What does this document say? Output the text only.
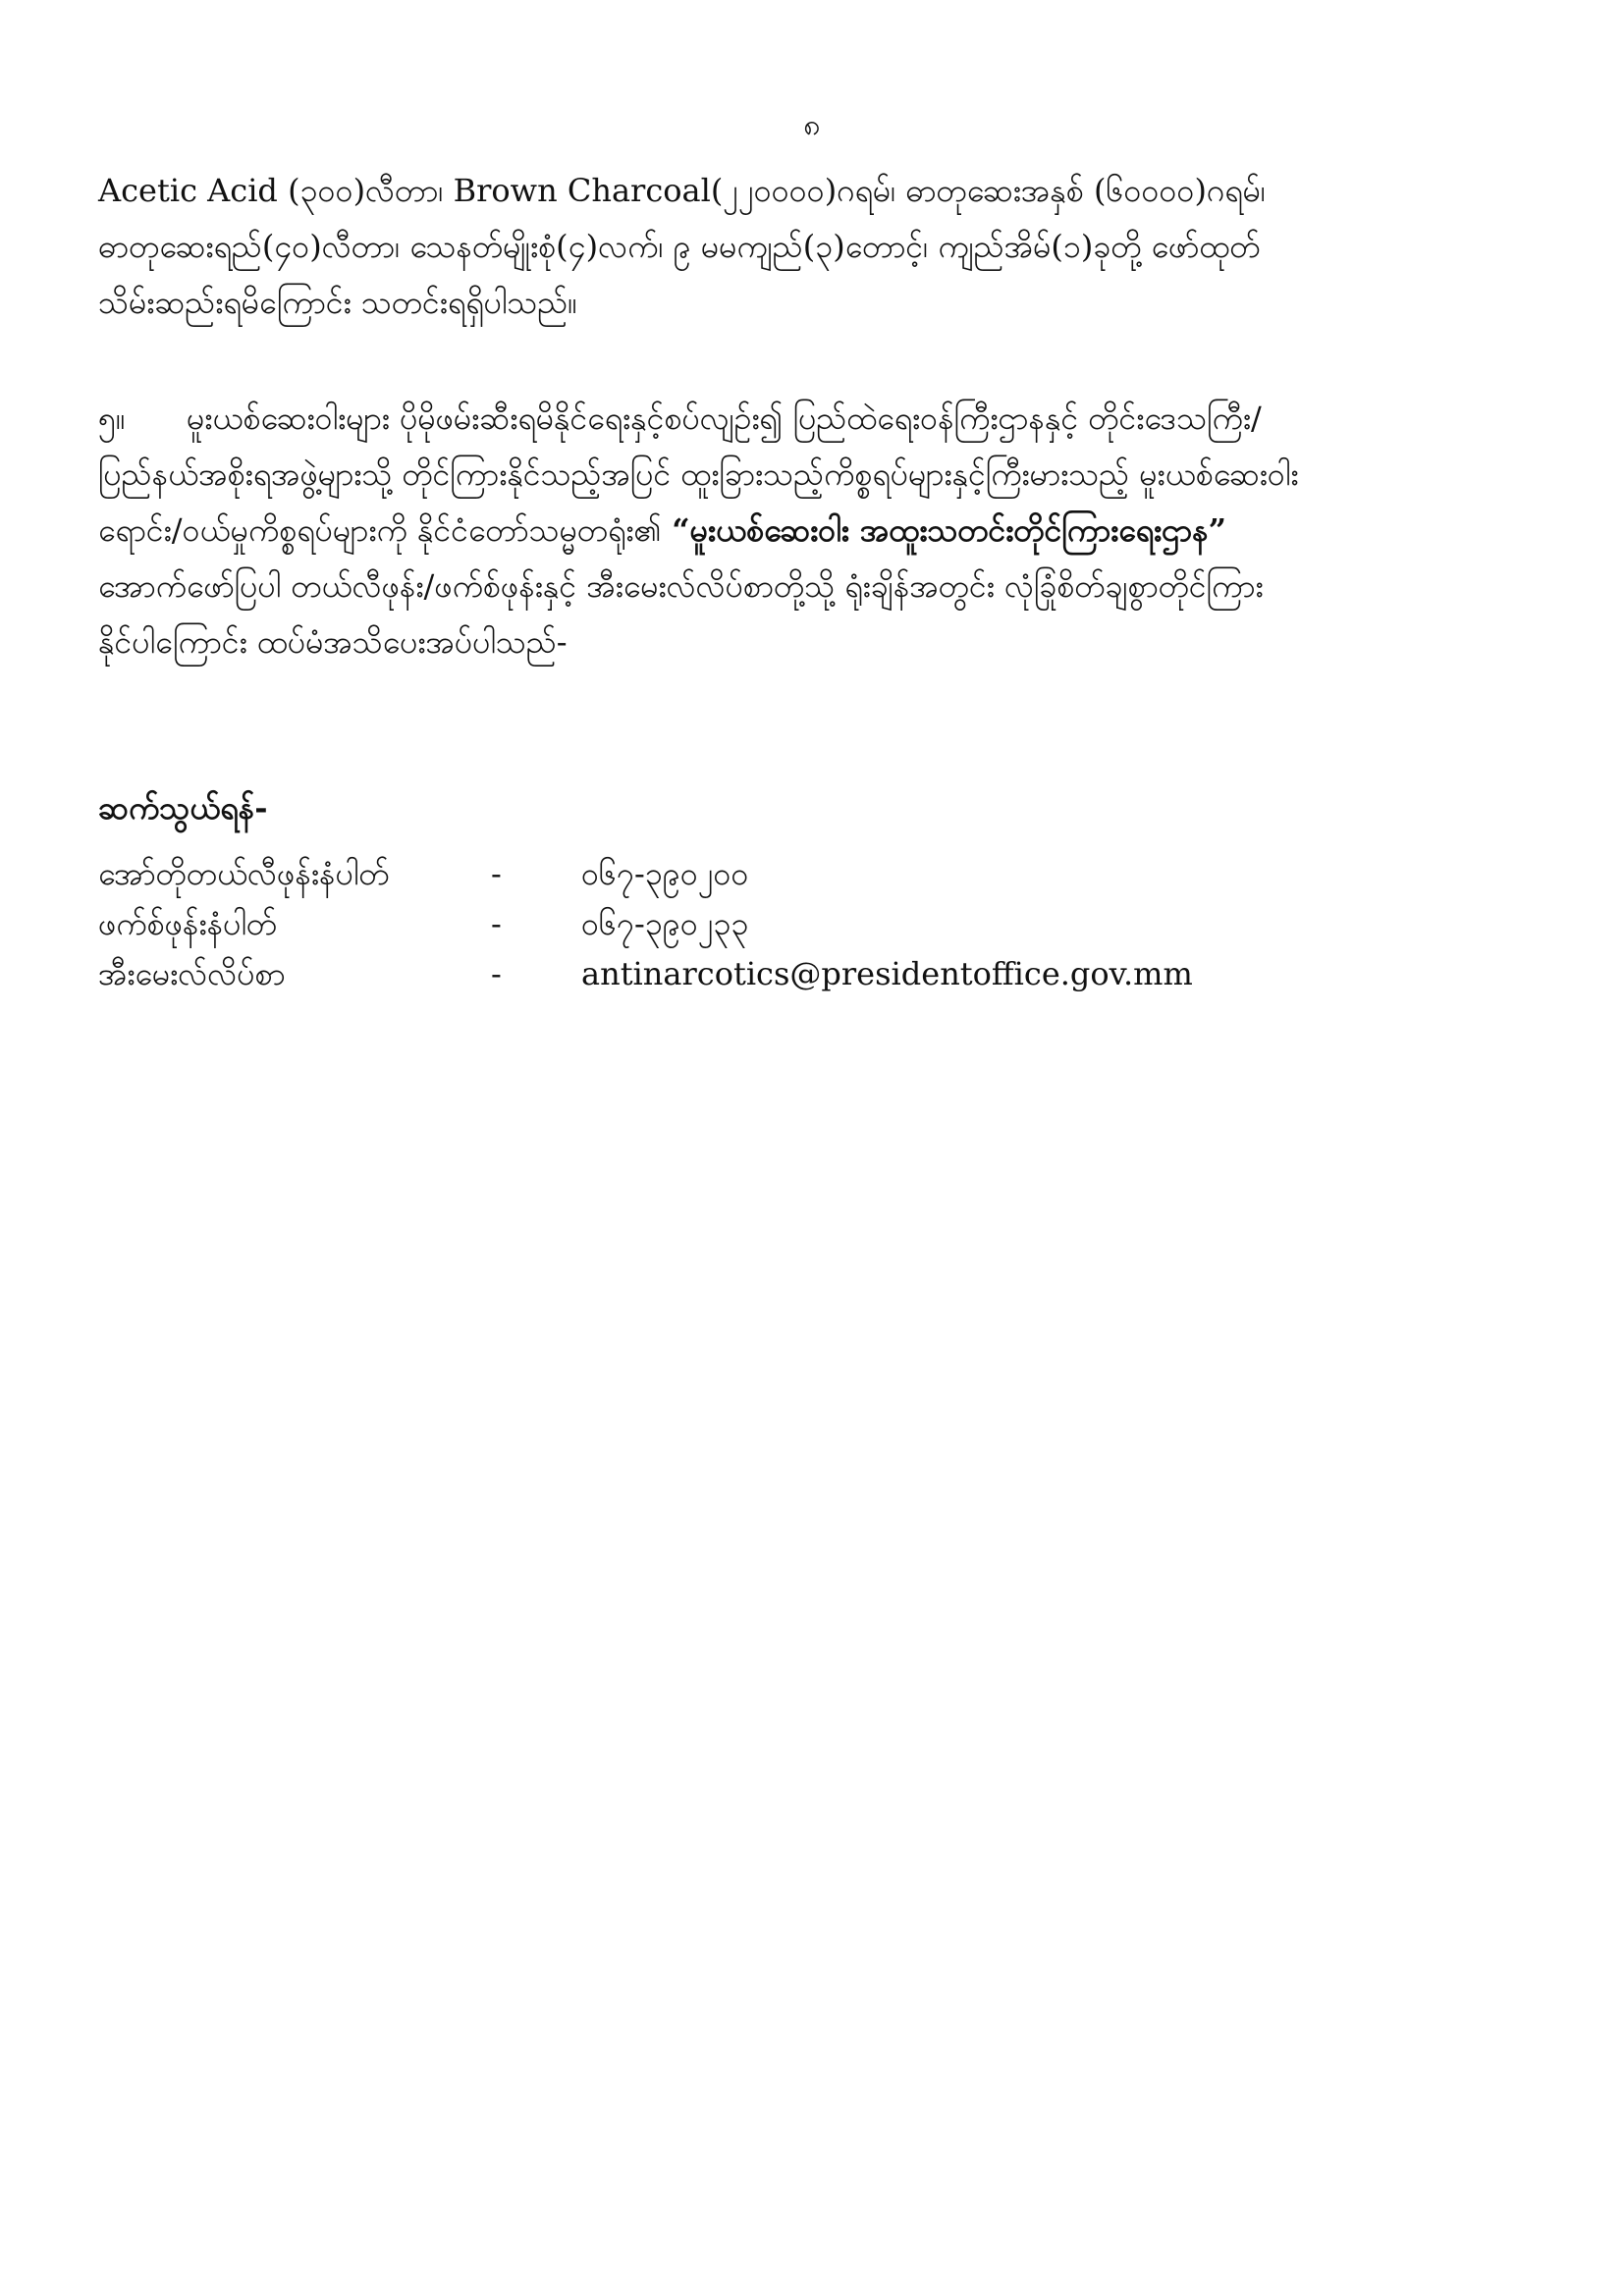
၈

Acetic Acid (၃၀၀)လီတာ၊ Brown Charcoal(၂၂၀၀၀၀)ဂရမ်၊ ဓာတုဆေးအနှစ် (၆၀၀၀၀)ဂရမ်၊

ဓာတုဆေးရည်(၄၀)လီတာ၊ သေနတ်မျိုးစုံ(၄)လက်၊ ၉ မမကျည်(၃)တောင့်၊ ကျည်အိမ်(၁)ခုတို့ ဖော်ထုတ်

သိမ်းဆည်းရမိကြောင်း သတင်းရရှိပါသည်။

၅။ မူးယစ်ဆေးဝါးများ ပိုမိုဖမ်းဆီးရမိနိုင်ရေးနှင့်စပ်လျဉ်း၍ ပြည်ထဲရေးဝန်ကြီးဌာနနှင့် တိုင်းဒေသကြီး/

ပြည်နယ်အစိုးရအဖွဲ့များသို့ တိုင်ကြားနိုင်သည့်အပြင် ထူးခြားသည့်ကိစ္စရပ်များနှင့်ကြီးမားသည့် မူးယစ်ဆေးဝါး

ရောင်း/ဝယ်မှုကိစ္စရပ်များကို နိုင်ငံတော်သမ္မတရုံး၏ “မူးယစ်ဆေးဝါး အထူးသတင်းတိုင်ကြားရေးဌာန”

အောက်ဖော်ပြပါ တယ်လီဖုန်း/ဖက်စ်ဖုန်းနှင့် အီးမေးလ်လိပ်စာတို့သို့ ရုံးချိန်အတွင်း လုံခြုံစိတ်ချစွာတိုင်ကြား

နိုင်ပါကြောင်း ထပ်မံအသိပေးအပ်ပါသည်-

ဆက်သွယ်ရန်-
အော်တိုတယ်လီဖုန်းနံပါတ်	-	၀၆၇-၃၉၀၂၀၀
ဖက်စ်ဖုန်းနံပါတ်	-	၀၆၇-၃၉၀၂၃၃
အီးမေးလ်လိပ်စာ	-	antinarcotics@presidentoffice.gov.mm
